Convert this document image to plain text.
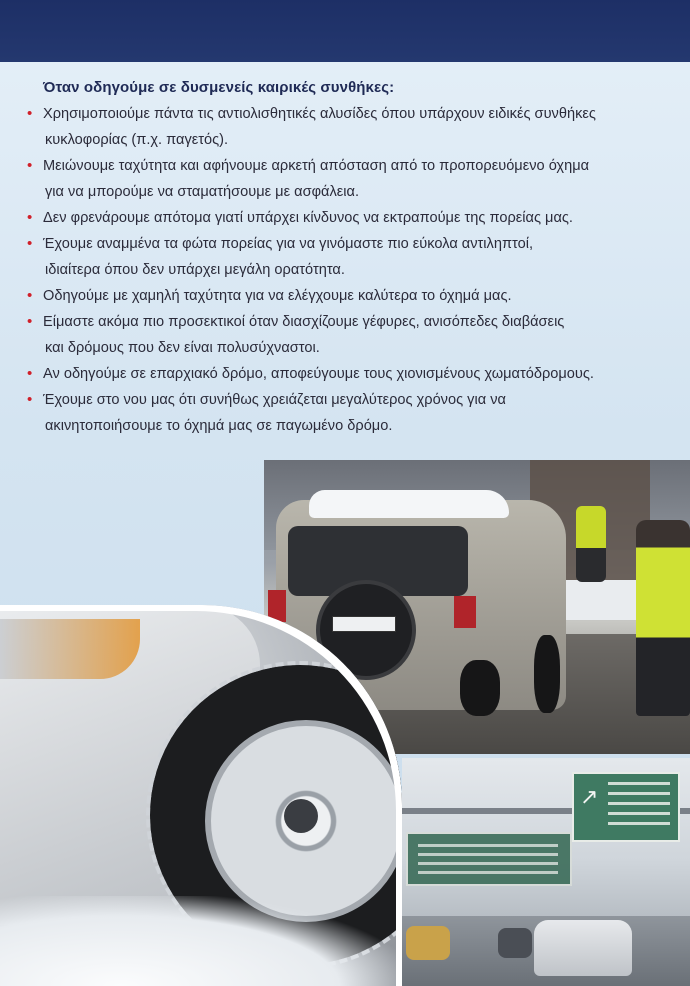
Όταν οδηγούμε σε δυσμενείς καιρικές συνθήκες:

• Χρησιμοποιούμε πάντα τις αντιολισθητικές αλυσίδες όπου υπάρχουν ειδικές συνθήκες
κυκλοφορίας (π.χ. παγετός).
• Μειώνουμε ταχύτητα και αφήνουμε αρκετή απόσταση από το προπορευόμενο όχημα
για να μπορούμε να σταματήσουμε με ασφάλεια.
• Δεν φρενάρουμε απότομα γιατί υπάρχει κίνδυνος να εκτραπούμε της πορείας μας.
• Έχουμε αναμμένα τα φώτα πορείας για να γινόμαστε πιο εύκολα αντιληπτοί,
ιδιαίτερα όπου δεν υπάρχει μεγάλη ορατότητα.
• Οδηγούμε με χαμηλή ταχύτητα για να ελέγχουμε καλύτερα το όχημά μας.
• Είμαστε ακόμα πιο προσεκτικοί όταν διασχίζουμε γέφυρες, ανισόπεδες διαβάσεις
και δρόμους που δεν είναι πολυσύχναστοι.
• Αν οδηγούμε σε επαρχιακό δρόμο, αποφεύγουμε τους χιονισμένους χωματόδρομους.
• Έχουμε στο νου μας ότι συνήθως χρειάζεται μεγαλύτερος χρόνος για να
ακινητοποιήσουμε το όχημά μας σε παγωμένο δρόμο.
↗
